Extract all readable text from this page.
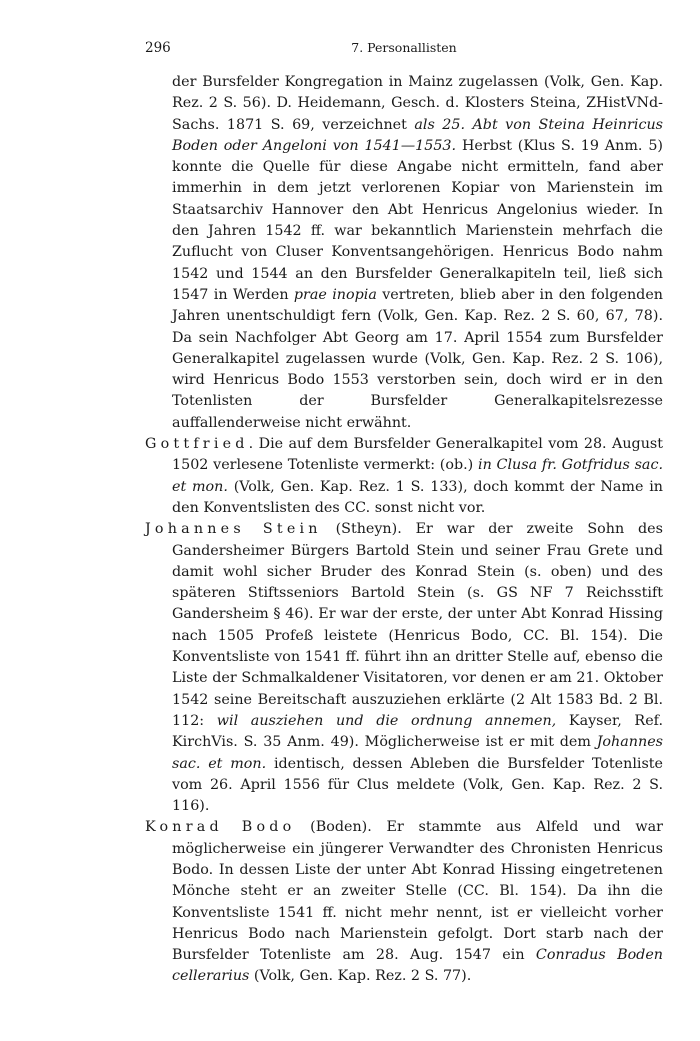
296	7. Personallisten

der Bursfelder Kongregation in Mainz zugelassen (Volk, Gen. Kap. Rez. 2 S. 56). D. Heidemann, Gesch. d. Klosters Steina, ZHistVNd-Sachs. 1871 S. 69, verzeichnet als 25. Abt von Steina Heinricus Boden oder Angeloni von 1541—1553. Herbst (Klus S. 19 Anm. 5) konnte die Quelle für diese Angabe nicht ermitteln, fand aber immerhin in dem jetzt verlorenen Kopiar von Marienstein im Staatsarchiv Hannover den Abt Henricus Angelonius wieder. In den Jahren 1542 ff. war bekanntlich Marienstein mehrfach die Zuflucht von Cluser Konventsangehörigen. Henricus Bodo nahm 1542 und 1544 an den Bursfelder Generalkapiteln teil, ließ sich 1547 in Werden prae inopia vertreten, blieb aber in den folgenden Jahren unentschuldigt fern (Volk, Gen. Kap. Rez. 2 S. 60, 67, 78). Da sein Nachfolger Abt Georg am 17. April 1554 zum Bursfelder Generalkapitel zugelassen wurde (Volk, Gen. Kap. Rez. 2 S. 106), wird Henricus Bodo 1553 verstorben sein, doch wird er in den Totenlisten der Bursfelder Generalkapitelsrezesse auffallenderweise nicht erwähnt.

Gottfried. Die auf dem Bursfelder Generalkapitel vom 28. August 1502 verlesene Totenliste vermerkt: (ob.) in Clusa fr. Gotfridus sac. et mon. (Volk, Gen. Kap. Rez. 1 S. 133), doch kommt der Name in den Konventslisten des CC. sonst nicht vor.

Johannes Stein (Stheyn). Er war der zweite Sohn des Gandersheimer Bürgers Bartold Stein und seiner Frau Grete und damit wohl sicher Bruder des Konrad Stein (s. oben) und des späteren Stiftsseniors Bartold Stein (s. GS NF 7 Reichsstift Gandersheim § 46). Er war der erste, der unter Abt Konrad Hissing nach 1505 Profeß leistete (Henricus Bodo, CC. Bl. 154). Die Konventsliste von 1541 ff. führt ihn an dritter Stelle auf, ebenso die Liste der Schmalkaldener Visitatoren, vor denen er am 21. Oktober 1542 seine Bereitschaft auszuziehen erklärte (2 Alt 1583 Bd. 2 Bl. 112: wil ausziehen und die ordnung annemen, Kayser, Ref. KirchVis. S. 35 Anm. 49). Möglicherweise ist er mit dem Johannes sac. et mon. identisch, dessen Ableben die Bursfelder Totenliste vom 26. April 1556 für Clus meldete (Volk, Gen. Kap. Rez. 2 S. 116).

Konrad Bodo (Boden). Er stammte aus Alfeld und war möglicherweise ein jüngerer Verwandter des Chronisten Henricus Bodo. In dessen Liste der unter Abt Konrad Hissing eingetretenen Mönche steht er an zweiter Stelle (CC. Bl. 154). Da ihn die Konventsliste 1541 ff. nicht mehr nennt, ist er vielleicht vorher Henricus Bodo nach Marienstein gefolgt. Dort starb nach der Bursfelder Totenliste am 28. Aug. 1547 ein Conradus Boden cellerarius (Volk, Gen. Kap. Rez. 2 S. 77).
